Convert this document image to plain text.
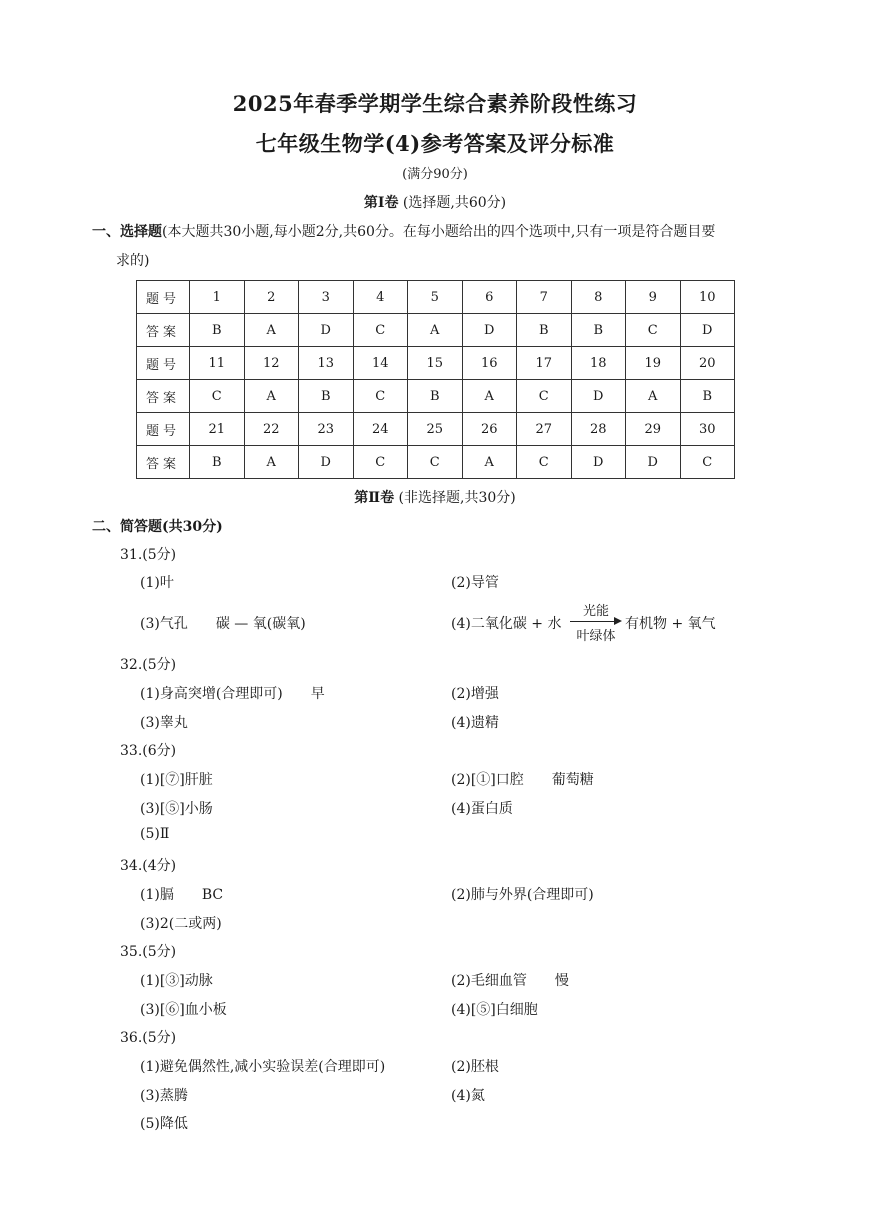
2025年春季学期学生综合素养阶段性练习
七年级生物学(4)参考答案及评分标准
(满分90分)
第Ⅰ卷 (选择题,共60分)
一、选择题(本大题共30小题,每小题2分,共60分。在每小题给出的四个选项中,只有一项是符合题目要
求的)
题号	1	2	3	4	5	6	7	8	9	10
答案	B	A	D	C	A	D	B	B	C	D
题号	11	12	13	14	15	16	17	18	19	20
答案	C	A	B	C	B	A	C	D	A	B
题号	21	22	23	24	25	26	27	28	29	30
答案	B	A	D	C	C	A	C	D	D	C
第Ⅱ卷 (非选择题,共30分)
二、简答题(共30分)
31.(5分)
(1)叶	(2)导管
(3)气孔　　碳 — 氧(碳氧)	(4)二氧化碳 + 水
光能
叶绿体
有机物 + 氧气
32.(5分)
(1)身高突增(合理即可)　　早	(2)增强
(3)睾丸	(4)遗精
33.(6分)
(1)[⑦]肝脏	(2)[①]口腔　　葡萄糖
(3)[⑤]小肠	(4)蛋白质
(5)Ⅱ
34.(4分)
(1)膈　　BC	(2)肺与外界(合理即可)
(3)2(二或两)
35.(5分)
(1)[③]动脉	(2)毛细血管　　慢
(3)[⑥]血小板	(4)[⑤]白细胞
36.(5分)
(1)避免偶然性,减小实验误差(合理即可)	(2)胚根
(3)蒸腾	(4)氮
(5)降低
